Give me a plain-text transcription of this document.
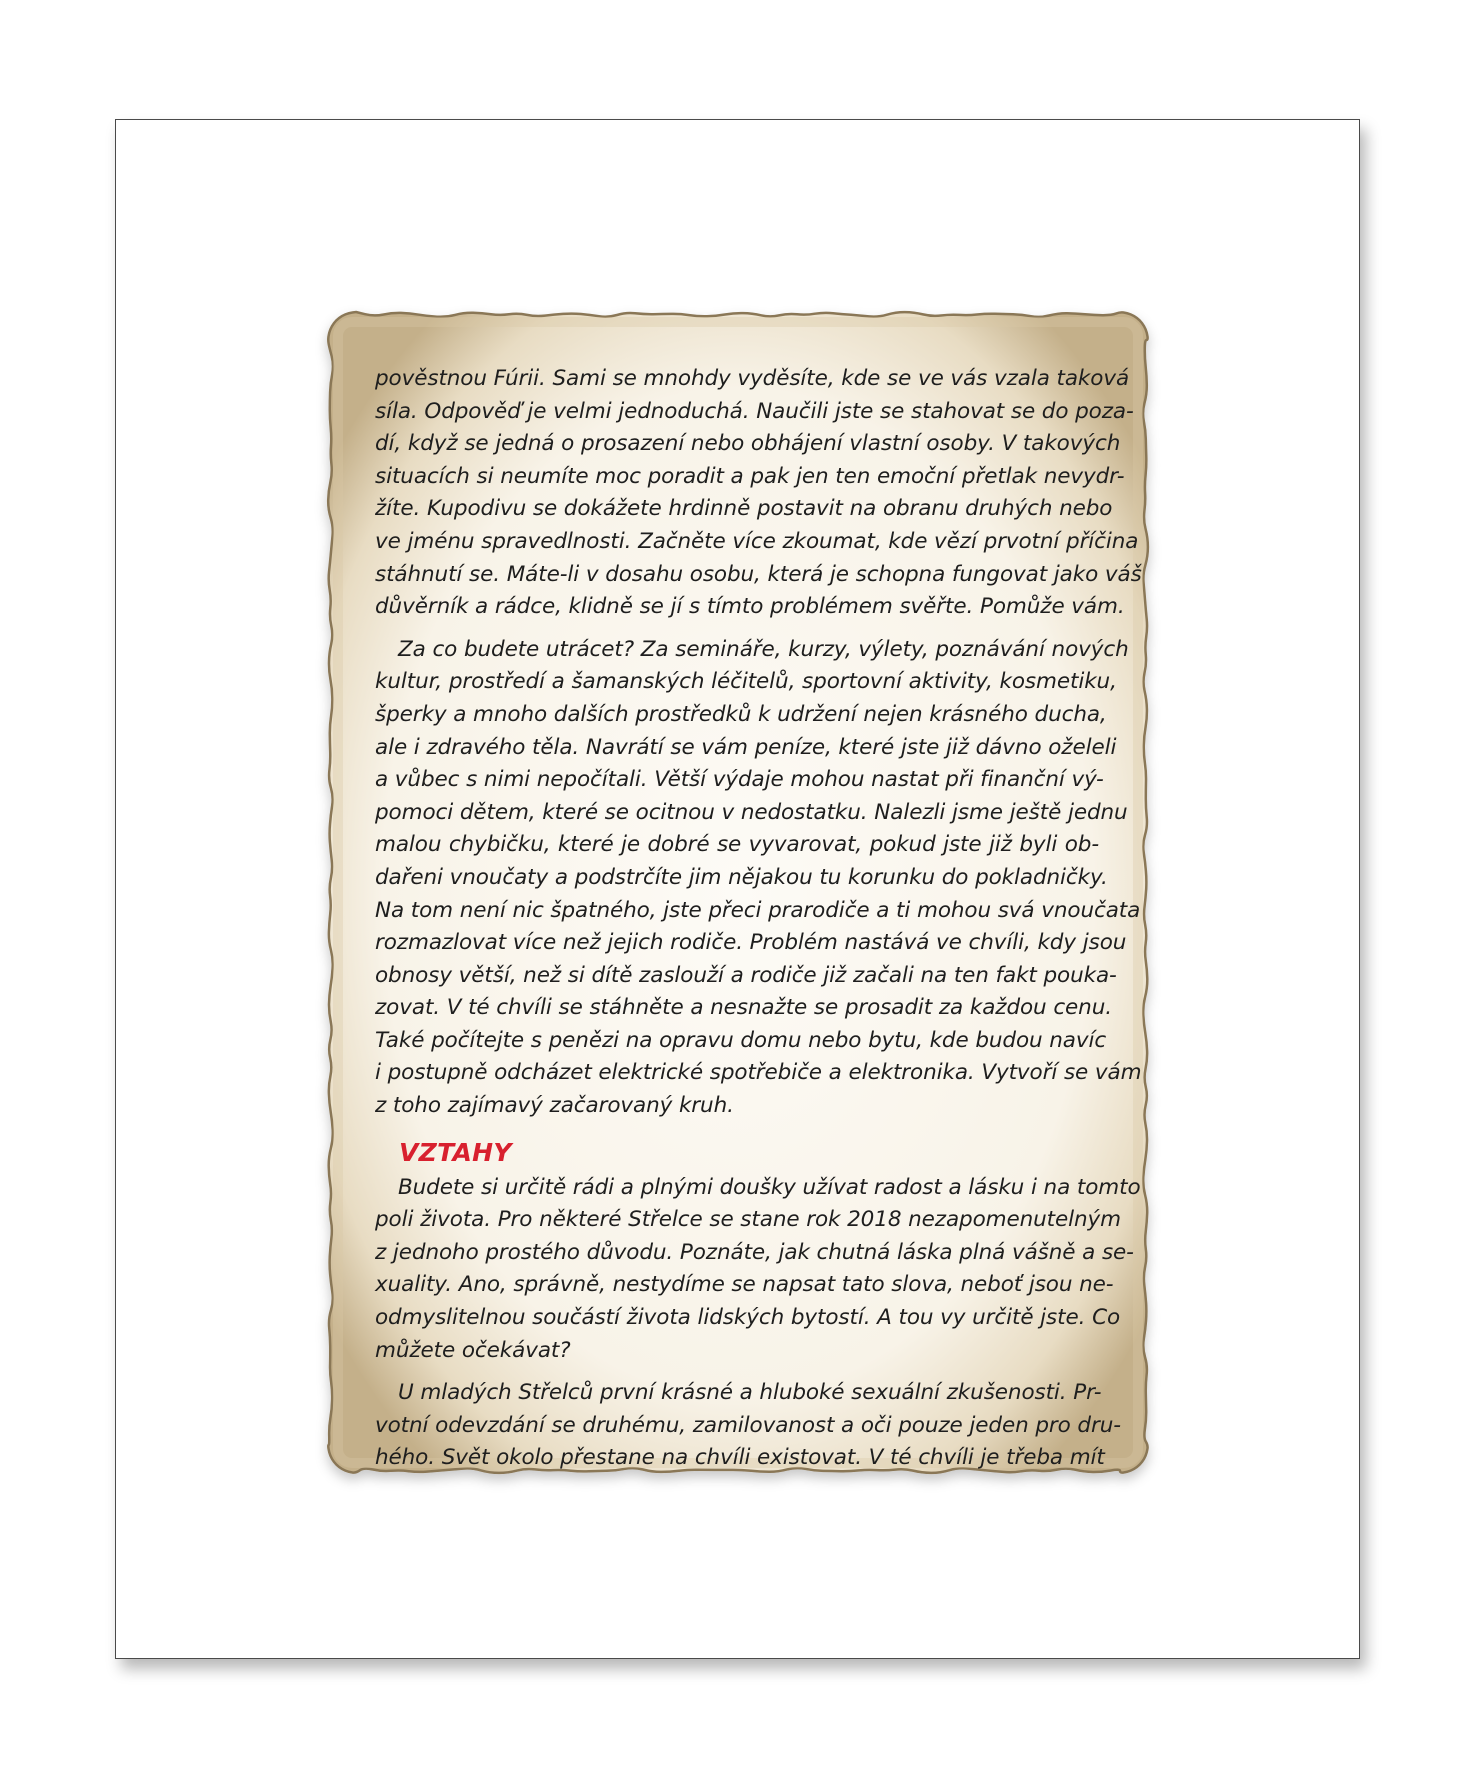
pověstnou Fúrii. Sami se mnohdy vyděsíte, kde se ve vás vzala taková
síla. Odpověď je velmi jednoduchá. Naučili jste se stahovat se do poza-
dí, když se jedná o prosazení nebo obhájení vlastní osoby. V takových
situacích si neumíte moc poradit a pak jen ten emoční přetlak nevydr-
žíte. Kupodivu se dokážete hrdinně postavit na obranu druhých nebo
ve jménu spravedlnosti. Začněte více zkoumat, kde vězí prvotní příčina
stáhnutí se. Máte-li v dosahu osobu, která je schopna fungovat jako váš
důvěrník a rádce, klidně se jí s tímto problémem svěřte. Pomůže vám.
Za co budete utrácet? Za semináře, kurzy, výlety, poznávání nových
kultur, prostředí a šamanských léčitelů, sportovní aktivity, kosmetiku,
šperky a mnoho dalších prostředků k udržení nejen krásného ducha,
ale i zdravého těla. Navrátí se vám peníze, které jste již dávno oželeli
a vůbec s nimi nepočítali. Větší výdaje mohou nastat při finanční vý-
pomoci dětem, které se ocitnou v nedostatku. Nalezli jsme ještě jednu
malou chybičku, které je dobré se vyvarovat, pokud jste již byli ob-
dařeni vnoučaty a podstrčíte jim nějakou tu korunku do pokladničky.
Na tom není nic špatného, jste přeci prarodiče a ti mohou svá vnoučata
rozmazlovat více než jejich rodiče. Problém nastává ve chvíli, kdy jsou
obnosy větší, než si dítě zaslouží a rodiče již začali na ten fakt pouka-
zovat. V té chvíli se stáhněte a nesnažte se prosadit za každou cenu.
Také počítejte s penězi na opravu domu nebo bytu, kde budou navíc
i postupně odcházet elektrické spotřebiče a elektronika. Vytvoří se vám
z toho zajímavý začarovaný kruh.
VZTAHY
Budete si určitě rádi a plnými doušky užívat radost a lásku i na tomto
poli života. Pro některé Střelce se stane rok 2018 nezapomenutelným
z jednoho prostého důvodu. Poznáte, jak chutná láska plná vášně a se-
xuality. Ano, správně, nestydíme se napsat tato slova, neboť jsou ne-
odmyslitelnou součástí života lidských bytostí. A tou vy určitě jste. Co
můžete očekávat?
U mladých Střelců první krásné a hluboké sexuální zkušenosti. Pr-
votní odevzdání se druhému, zamilovanost a oči pouze jeden pro dru-
hého. Svět okolo přestane na chvíli existovat. V té chvíli je třeba mít
